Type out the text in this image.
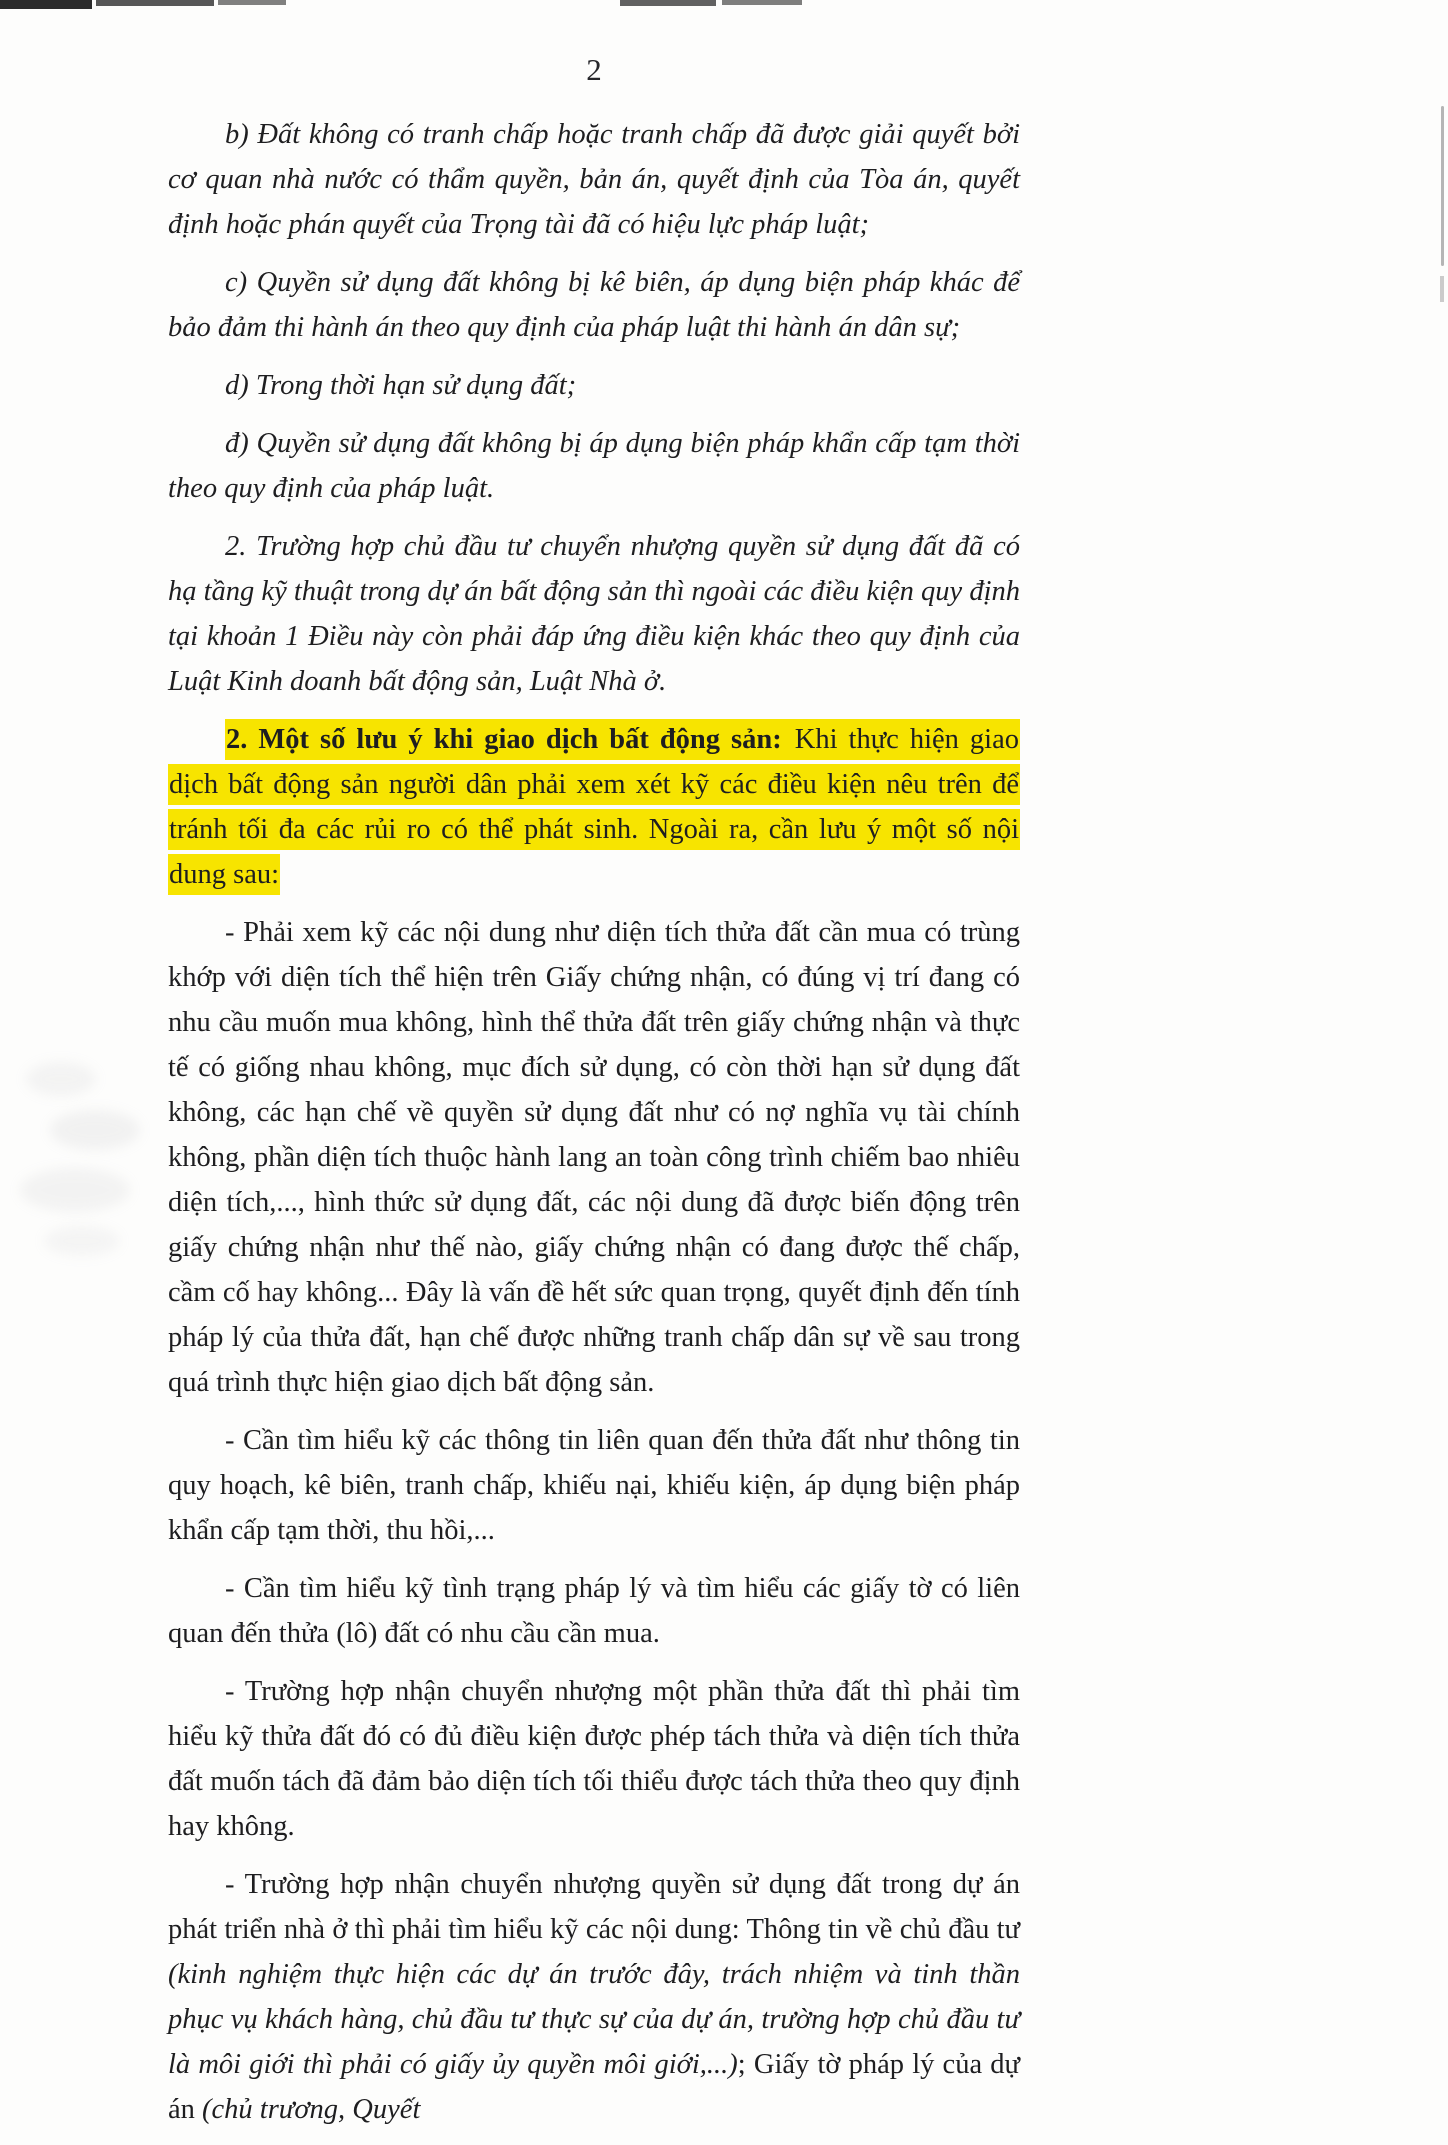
2

b) Đất không có tranh chấp hoặc tranh chấp đã được giải quyết bởi cơ quan nhà nước có thẩm quyền, bản án, quyết định của Tòa án, quyết định hoặc phán quyết của Trọng tài đã có hiệu lực pháp luật;

c) Quyền sử dụng đất không bị kê biên, áp dụng biện pháp khác để bảo đảm thi hành án theo quy định của pháp luật thi hành án dân sự;

d) Trong thời hạn sử dụng đất;

đ) Quyền sử dụng đất không bị áp dụng biện pháp khẩn cấp tạm thời theo quy định của pháp luật.

2. Trường hợp chủ đầu tư chuyển nhượng quyền sử dụng đất đã có hạ tầng kỹ thuật trong dự án bất động sản thì ngoài các điều kiện quy định tại khoản 1 Điều này còn phải đáp ứng điều kiện khác theo quy định của Luật Kinh doanh bất động sản, Luật Nhà ở.

2. Một số lưu ý khi giao dịch bất động sản: Khi thực hiện giao dịch bất động sản người dân phải xem xét kỹ các điều kiện nêu trên để tránh tối đa các rủi ro có thể phát sinh. Ngoài ra, cần lưu ý một số nội dung sau:

- Phải xem kỹ các nội dung như diện tích thửa đất cần mua có trùng khớp với diện tích thể hiện trên Giấy chứng nhận, có đúng vị trí đang có nhu cầu muốn mua không, hình thể thửa đất trên giấy chứng nhận và thực tế có giống nhau không, mục đích sử dụng, có còn thời hạn sử dụng đất không, các hạn chế về quyền sử dụng đất như có nợ nghĩa vụ tài chính không, phần diện tích thuộc hành lang an toàn công trình chiếm bao nhiêu diện tích,..., hình thức sử dụng đất, các nội dung đã được biến động trên giấy chứng nhận như thế nào, giấy chứng nhận có đang được thế chấp, cầm cố hay không... Đây là vấn đề hết sức quan trọng, quyết định đến tính pháp lý của thửa đất, hạn chế được những tranh chấp dân sự về sau trong quá trình thực hiện giao dịch bất động sản.

- Cần tìm hiểu kỹ các thông tin liên quan đến thửa đất như thông tin quy hoạch, kê biên, tranh chấp, khiếu nại, khiếu kiện, áp dụng biện pháp khẩn cấp tạm thời, thu hồi,...

- Cần tìm hiểu kỹ tình trạng pháp lý và tìm hiểu các giấy tờ có liên quan đến thửa (lô) đất có nhu cầu cần mua.

- Trường hợp nhận chuyển nhượng một phần thửa đất thì phải tìm hiểu kỹ thửa đất đó có đủ điều kiện được phép tách thửa và diện tích thửa đất muốn tách đã đảm bảo diện tích tối thiểu được tách thửa theo quy định hay không.

- Trường hợp nhận chuyển nhượng quyền sử dụng đất trong dự án phát triển nhà ở thì phải tìm hiểu kỹ các nội dung: Thông tin về chủ đầu tư (kinh nghiệm thực hiện các dự án trước đây, trách nhiệm và tinh thần phục vụ khách hàng, chủ đầu tư thực sự của dự án, trường hợp chủ đầu tư là môi giới thì phải có giấy ủy quyền môi giới,...); Giấy tờ pháp lý của dự án (chủ trương, Quyết
